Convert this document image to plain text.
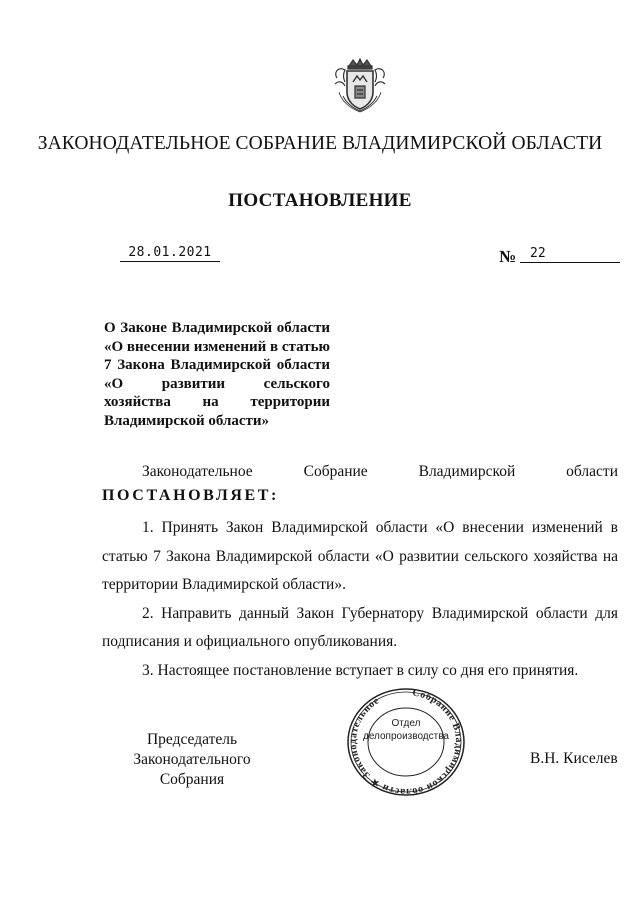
ЗАКОНОДАТЕЛЬНОЕ СОБРАНИЕ ВЛАДИМИРСКОЙ ОБЛАСТИ
ПОСТАНОВЛЕНИЕ
28.01.2021	№	22
О Законе Владимирской области
«О внесении изменений в статью
7 Закона Владимирской области
«О развитии сельского
хозяйства на территории
Владимирской области»
Законодательное Собрание Владимирской области
ПОСТАНОВЛЯЕТ:

1. Принять Закон Владимирской области «О внесении изменений в статью 7 Закона Владимирской области «О развитии сельского хозяйства на территории Владимирской области».

2. Направить данный Закон Губернатору Владимирской области для подписания и официального опубликования.

3. Настоящее постановление вступает в силу со дня его принятия.

Председатель
Законодательного Собрания
Собрание Владимирской области ★ Законодательное
Отдел
делопроизводства
В.Н. Киселев
